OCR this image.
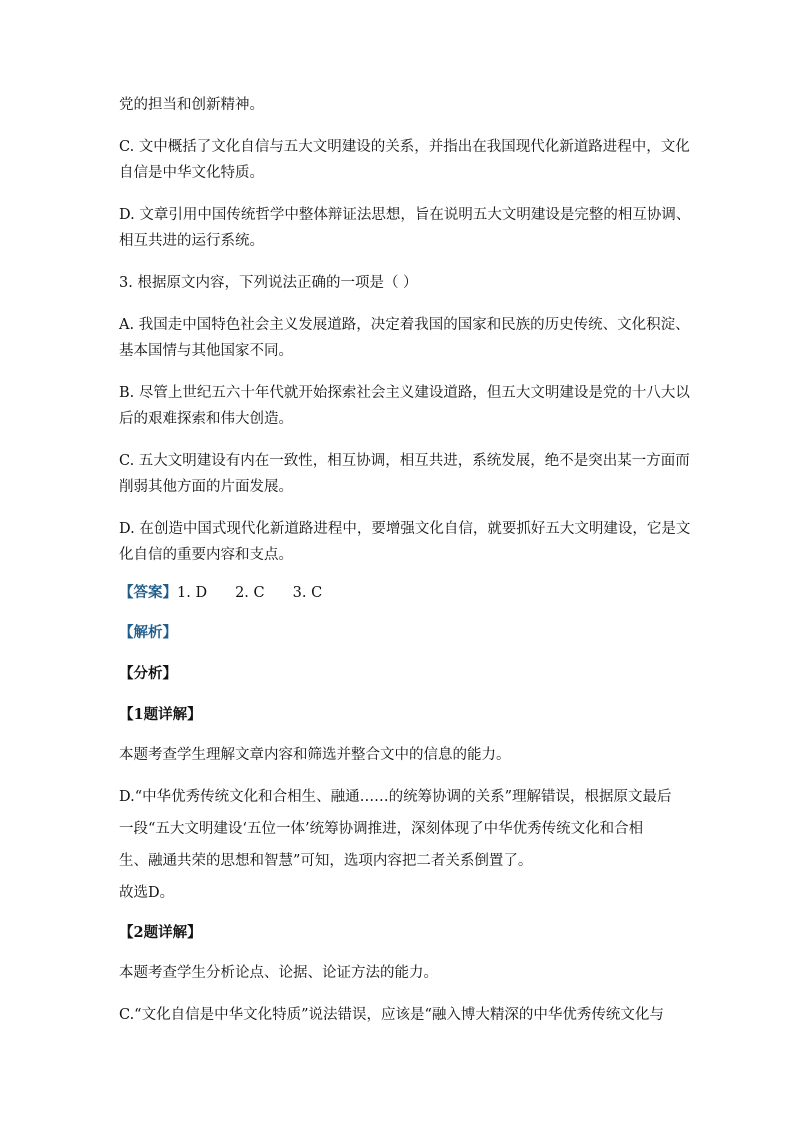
党的担当和创新精神。
C. 文中概括了文化自信与五大文明建设的关系，并指出在我国现代化新道路进程中，文化
自信是中华文化特质。
D. 文章引用中国传统哲学中整体辩证法思想，旨在说明五大文明建设是完整的相互协调、
相互共进的运行系统。
3. 根据原文内容，下列说法正确的一项是（ ）
A. 我国走中国特色社会主义发展道路，决定着我国的国家和民族的历史传统、文化积淀、
基本国情与其他国家不同。
B. 尽管上世纪五六十年代就开始探索社会主义建设道路，但五大文明建设是党的十八大以
后的艰难探索和伟大创造。
C. 五大文明建设有内在一致性，相互协调，相互共进，系统发展，绝不是突出某一方面而
削弱其他方面的片面发展。
D. 在创造中国式现代化新道路进程中，要增强文化自信，就要抓好五大文明建设，它是文
化自信的重要内容和支点。
【答案】1. D 2. C 3. C
【解析】
【分析】
【1题详解】
本题考查学生理解文章内容和筛选并整合文中的信息的能力。
D.“中华优秀传统文化和合相生、融通……的统筹协调的关系”理解错误，根据原文最后
一段“五大文明建设‘五位一体’统筹协调推进，深刻体现了中华优秀传统文化和合相
生、融通共荣的思想和智慧”可知，选项内容把二者关系倒置了。
故选D。
【2题详解】
本题考查学生分析论点、论据、论证方法的能力。
C.“文化自信是中华文化特质”说法错误，应该是“融入博大精深的中华优秀传统文化与
